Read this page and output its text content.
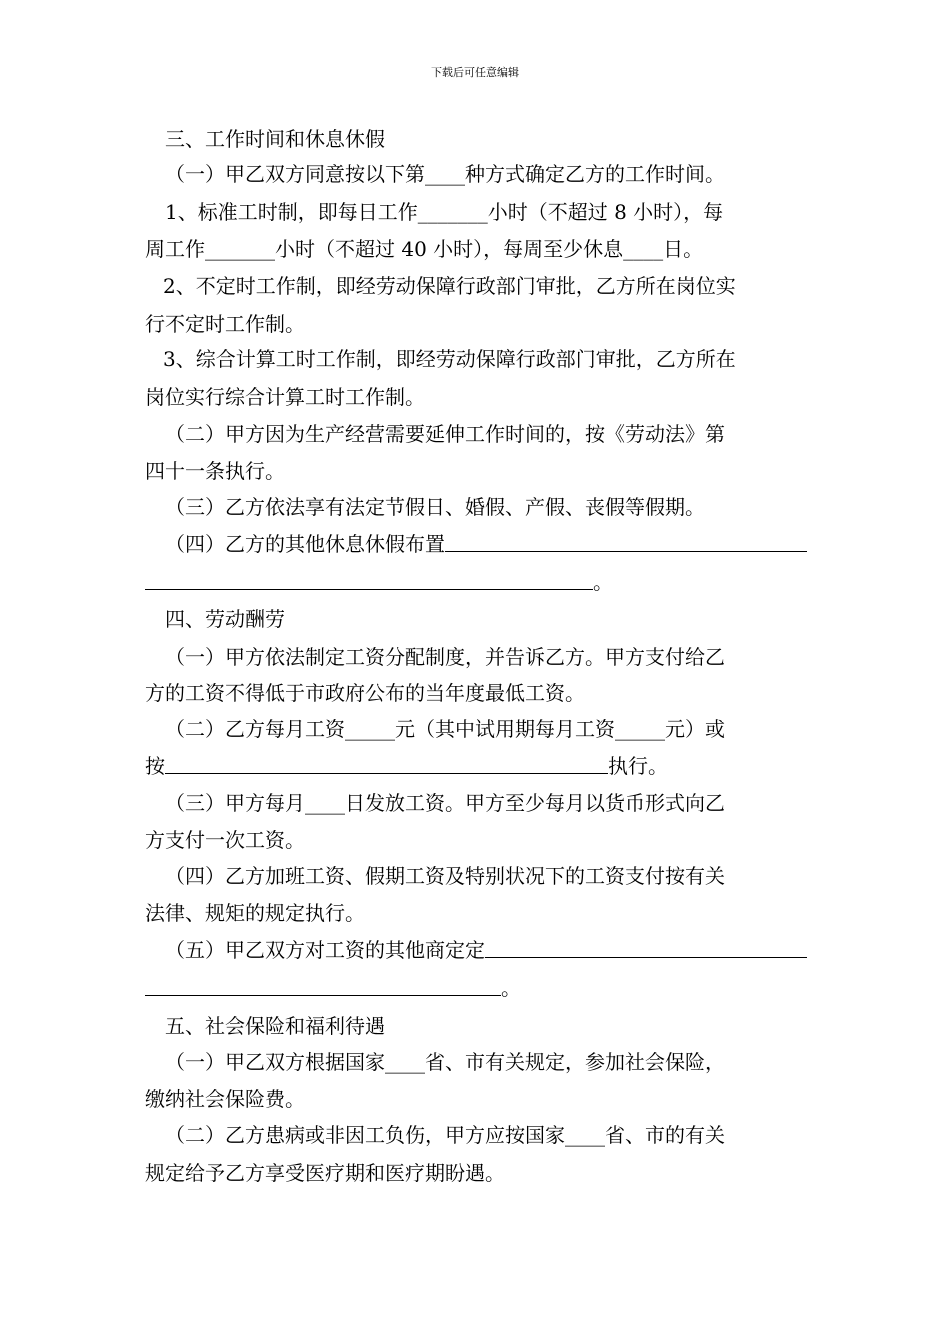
下载后可任意编辑
三、工作时间和休息休假
（一）甲乙双方同意按以下第____种方式确定乙方的工作时间。
1、标准工时制，即每日工作_______小时（不超过 8 小时），每
周工作_______小时（不超过 40 小时），每周至少休息____日。
2、不定时工作制，即经劳动保障行政部门审批，乙方所在岗位实
行不定时工作制。
3、综合计算工时工作制，即经劳动保障行政部门审批，乙方所在
岗位实行综合计算工时工作制。
（二）甲方因为生产经营需要延伸工作时间的，按《劳动法》第
四十一条执行。
（三）乙方依法享有法定节假日、婚假、产假、丧假等假期。
（四）乙方的其他休息休假布置
。
四、劳动酬劳
（一）甲方依法制定工资分配制度，并告诉乙方。甲方支付给乙
方的工资不得低于市政府公布的当年度最低工资。
（二）乙方每月工资_____元（其中试用期每月工资_____元）或
按	执行。
（三）甲方每月____日发放工资。甲方至少每月以货币形式向乙
方支付一次工资。
（四）乙方加班工资、假期工资及特别状况下的工资支付按有关
法律、规矩的规定执行。
（五）甲乙双方对工资的其他商定定
。
五、社会保险和福利待遇
（一）甲乙双方根据国家____省、市有关规定，参加社会保险，
缴纳社会保险费。
（二）乙方患病或非因工负伤，甲方应按国家____省、市的有关
规定给予乙方享受医疗期和医疗期盼遇。
